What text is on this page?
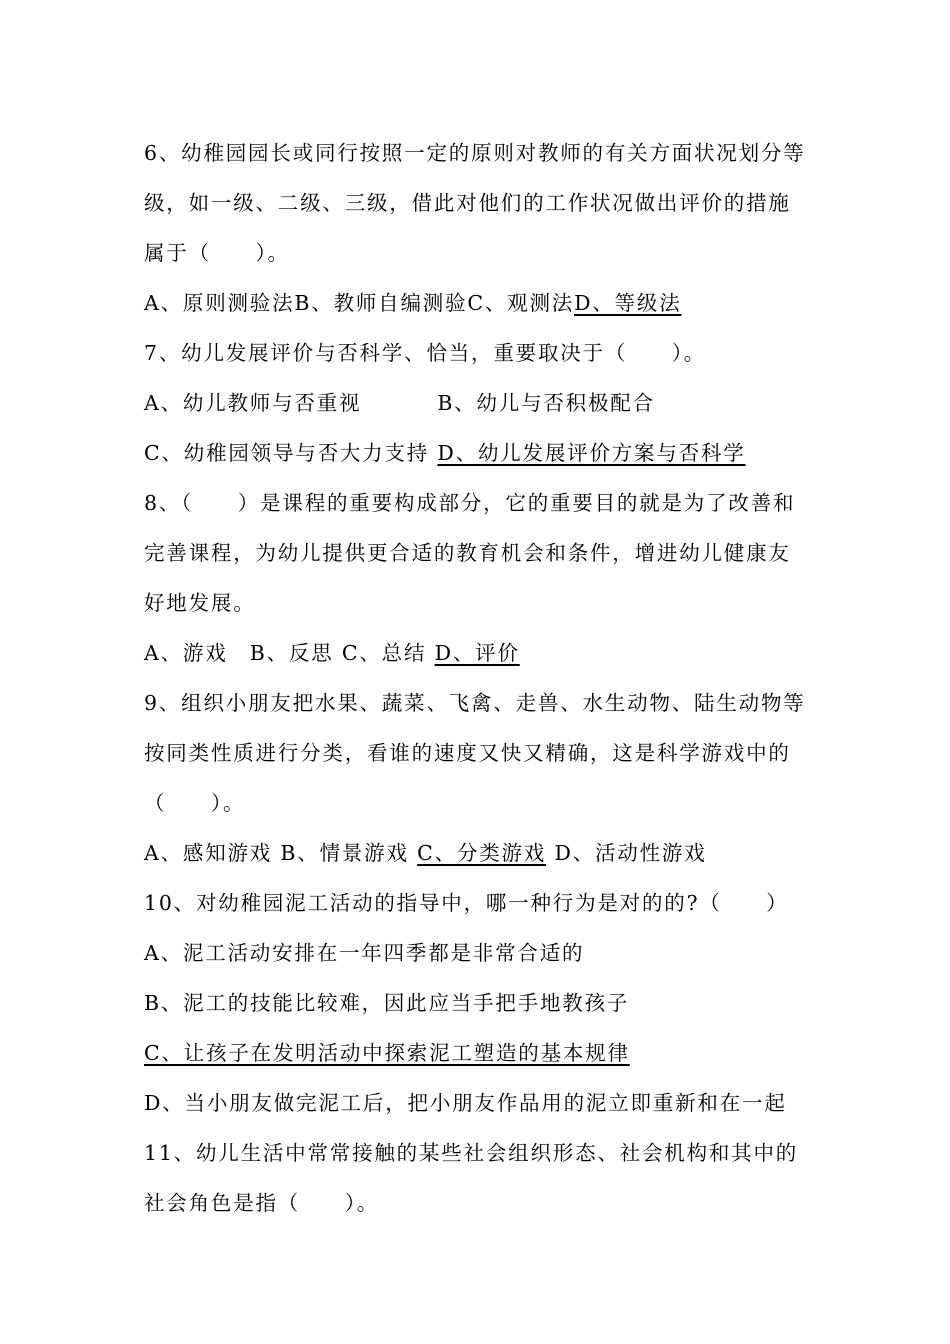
6、幼稚园园长或同行按照一定的原则对教师的有关方面状况划分等
级，如一级、二级、三级，借此对他们的工作状况做出评价的措施
属于（　　）。
A、原则测验法B、教师自编测验C、观测法D、等级法
7、幼儿发展评价与否科学、恰当，重要取决于（　　）。
A、幼儿教师与否重视	B、幼儿与否积极配合
C、幼稚园领导与否大力支持 D、幼儿发展评价方案与否科学
8、（　　）是课程的重要构成部分，它的重要目的就是为了改善和
完善课程，为幼儿提供更合适的教育机会和条件，增进幼儿健康友
好地发展。
A、游戏　B、反思 C、总结 D、评价
9、组织小朋友把水果、蔬菜、飞禽、走兽、水生动物、陆生动物等
按同类性质进行分类，看谁的速度又快又精确，这是科学游戏中的
（　　）。
A、感知游戏 B、情景游戏 C、分类游戏 D、活动性游戏
10、对幼稚园泥工活动的指导中，哪一种行为是对的的?（　　）
A、泥工活动安排在一年四季都是非常合适的
B、泥工的技能比较难，因此应当手把手地教孩子
C、让孩子在发明活动中探索泥工塑造的基本规律
D、当小朋友做完泥工后，把小朋友作品用的泥立即重新和在一起
11、幼儿生活中常常接触的某些社会组织形态、社会机构和其中的
社会角色是指（　　）。
